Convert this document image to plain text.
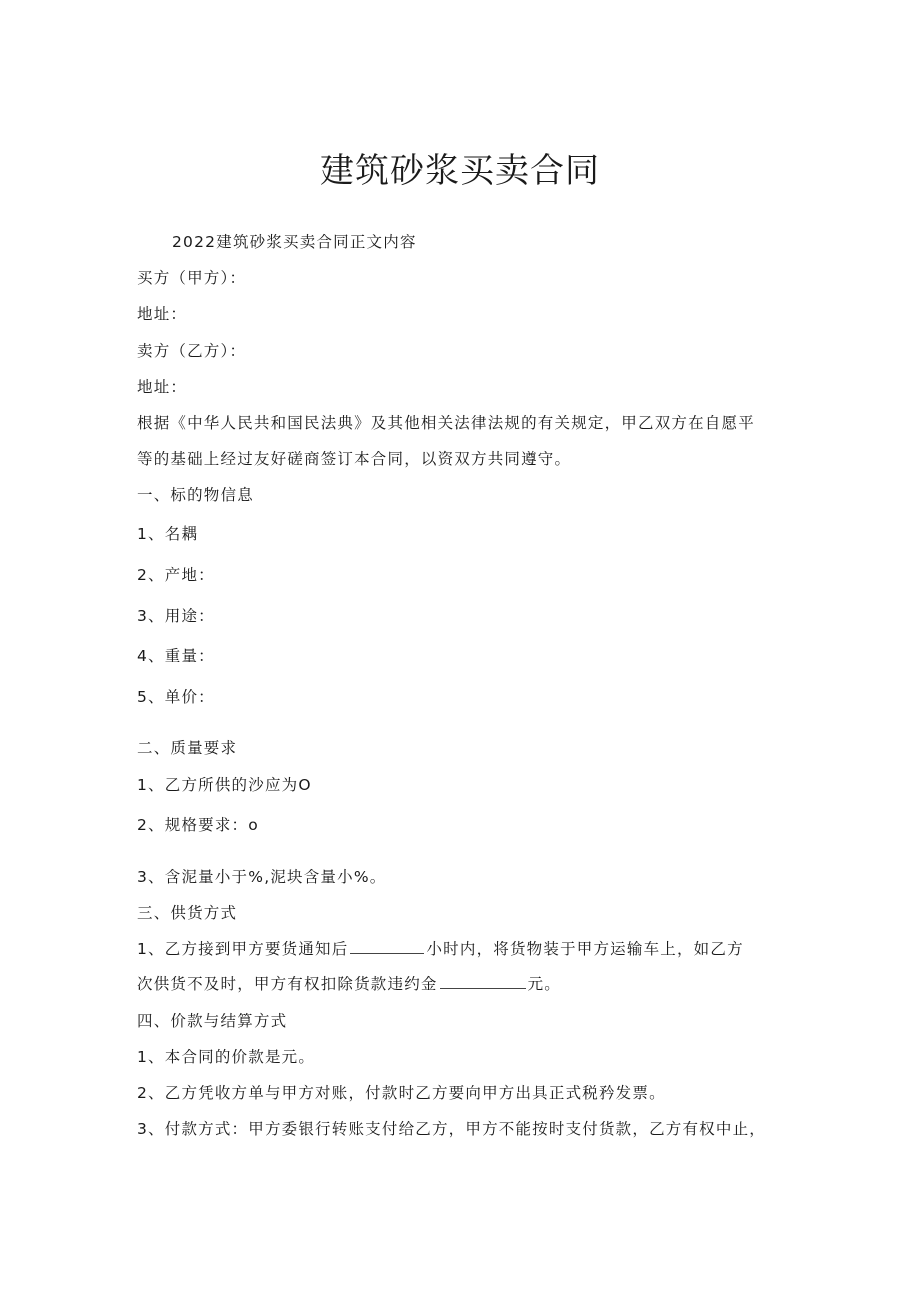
建筑砂浆买卖合同
2022建筑砂浆买卖合同正文内容
买方（甲方）：
地址：
卖方（乙方）：
地址：
根据《中华人民共和国民法典》及其他相关法律法规的有关规定，甲乙双方在自愿平
等的基础上经过友好磋商签订本合同，以资双方共同遵守。
一、标的物信息
1、名耦
2、产地：
3、用途：
4、重量：
5、单价：
二、质量要求
1、乙方所供的沙应为O
2、规格要求：o
3、含泥量小于%,泥块含量小%。
三、供货方式
1、乙方接到甲方要货通知后	小时内，将货物装于甲方运输车上，如乙方
次供货不及时，甲方有权扣除货款违约金	元。
四、价款与结算方式
1、本合同的价款是元。
2、乙方凭收方单与甲方对账，付款时乙方要向甲方出具正式税矜发票。
3、付款方式：甲方委银行转账支付给乙方，甲方不能按时支付货款，乙方有权中止，
